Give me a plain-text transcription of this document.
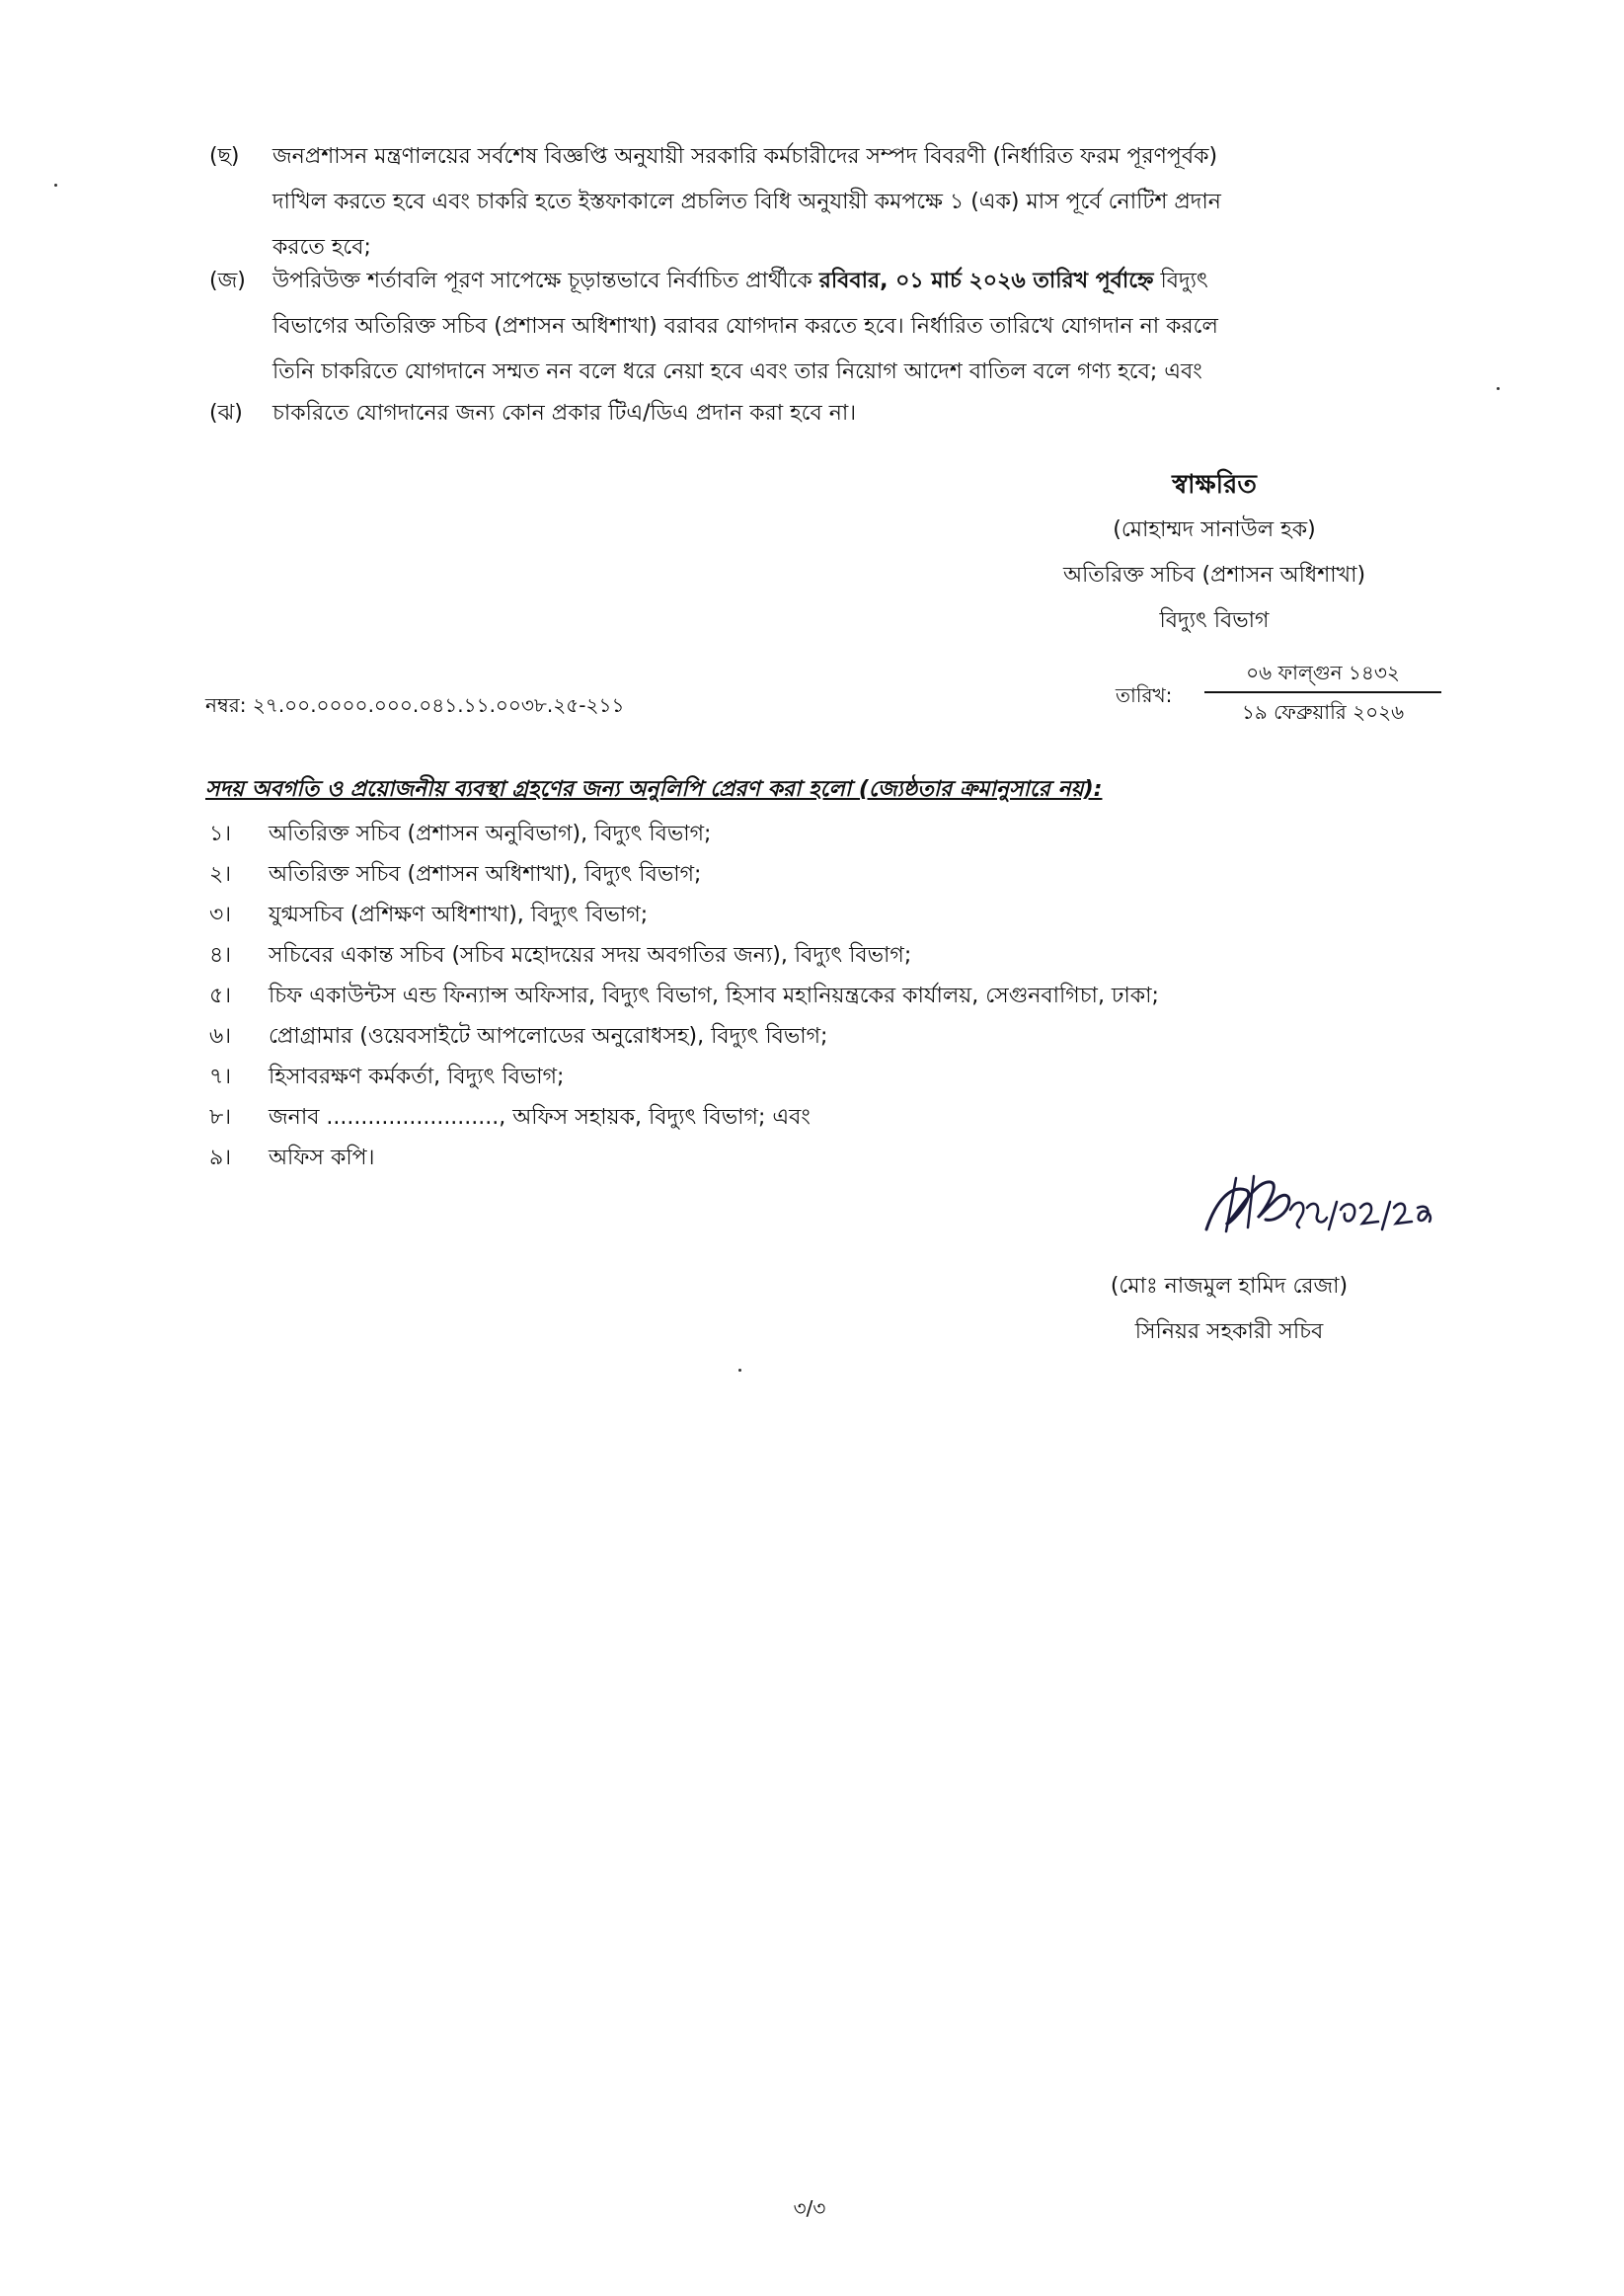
(ছ)	জনপ্রশাসন মন্ত্রণালয়ের সর্বশেষ বিজ্ঞপ্তি অনুযায়ী সরকারি কর্মচারীদের সম্পদ বিবরণী (নির্ধারিত ফরম পূরণপূর্বক)
দাখিল করতে হবে এবং চাকরি হতে ইস্তফাকালে প্রচলিত বিধি অনুযায়ী কমপক্ষে ১ (এক) মাস পূর্বে নোটিশ প্রদান
করতে হবে;
(জ)	উপরিউক্ত শর্তাবলি পূরণ সাপেক্ষে চূড়ান্তভাবে নির্বাচিত প্রার্থীকে রবিবার, ০১ মার্চ ২০২৬ তারিখ পূর্বাহ্নে বিদ্যুৎ
বিভাগের অতিরিক্ত সচিব (প্রশাসন অধিশাখা) বরাবর যোগদান করতে হবে। নির্ধারিত তারিখে যোগদান না করলে
তিনি চাকরিতে যোগদানে সম্মত নন বলে ধরে নেয়া হবে এবং তার নিয়োগ আদেশ বাতিল বলে গণ্য হবে; এবং
(ঝ)	চাকরিতে যোগদানের জন্য কোন প্রকার টিএ/ডিএ প্রদান করা হবে না।
স্বাক্ষরিত
(মোহাম্মদ সানাউল হক)
অতিরিক্ত সচিব (প্রশাসন অধিশাখা)
বিদ্যুৎ বিভাগ
নম্বর: ২৭.০০.০০০০.০০০.০৪১.১১.০০৩৮.২৫-২১১	তারিখ:
০৬ ফাল্গুন ১৪৩২
১৯ ফেব্রুয়ারি ২০২৬
সদয় অবগতি ও প্রয়োজনীয় ব্যবস্থা গ্রহণের জন্য অনুলিপি প্রেরণ করা হলো (জ্যেষ্ঠতার ক্রমানুসারে নয়):
১।	অতিরিক্ত সচিব (প্রশাসন অনুবিভাগ), বিদ্যুৎ বিভাগ;
২।	অতিরিক্ত সচিব (প্রশাসন অধিশাখা), বিদ্যুৎ বিভাগ;
৩।	যুগ্মসচিব (প্রশিক্ষণ অধিশাখা), বিদ্যুৎ বিভাগ;
৪।	সচিবের একান্ত সচিব (সচিব মহোদয়ের সদয় অবগতির জন্য), বিদ্যুৎ বিভাগ;
৫।	চিফ একাউন্টস এন্ড ফিন্যান্স অফিসার, বিদ্যুৎ বিভাগ, হিসাব মহানিয়ন্ত্রকের কার্যালয়, সেগুনবাগিচা, ঢাকা;
৬।	প্রোগ্রামার (ওয়েবসাইটে আপলোডের অনুরোধসহ), বিদ্যুৎ বিভাগ;
৭।	হিসাবরক্ষণ কর্মকর্তা, বিদ্যুৎ বিভাগ;
৮।	জনাব ........................., অফিস সহায়ক, বিদ্যুৎ বিভাগ; এবং
৯।	অফিস কপি।
(মোঃ নাজমুল হামিদ রেজা)
সিনিয়র সহকারী সচিব
৩/৩
